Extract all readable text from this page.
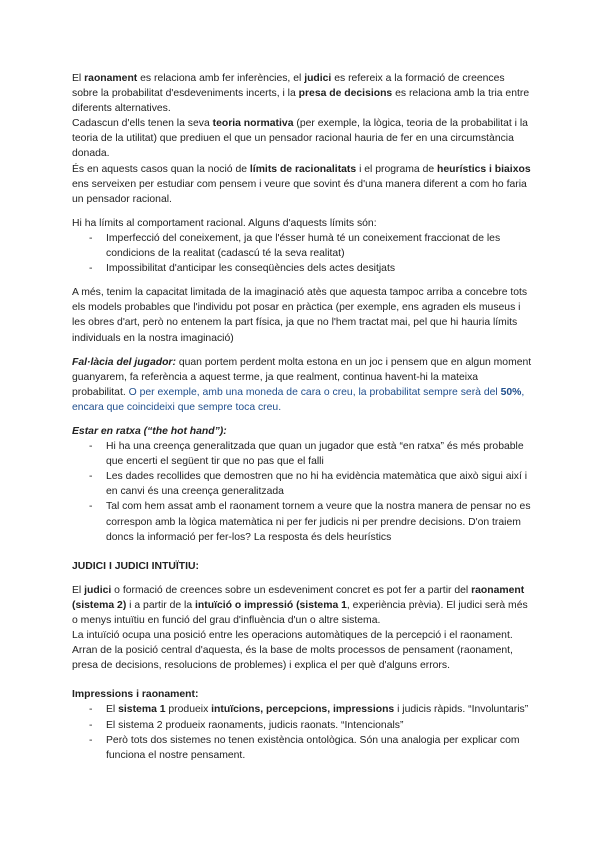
El raonament es relaciona amb fer inferències, el judici es refereix a la formació de creences sobre la probabilitat d'esdeveniments incerts, i la presa de decisions es relaciona amb la tria entre diferents alternatives.

Cadascun d'ells tenen la seva teoria normativa (per exemple, la lògica, teoria de la probabilitat i la teoria de la utilitat) que prediuen el que un pensador racional hauria de fer en una circumstància donada.

És en aquests casos quan la noció de límits de racionalitats i el programa de heurístics i biaixos ens serveixen per estudiar com pensem i veure que sovint és d'una manera diferent a com ho faria un pensador racional.

Hi ha límits al comportament racional. Alguns d'aquests límits són:

- Imperfecció del coneixement, ja que l'ésser humà té un coneixement fraccionat de les condicions de la realitat (cadascú té la seva realitat)
- Impossibilitat d'anticipar les conseqüències dels actes desitjats

A més, tenim la capacitat limitada de la imaginació atès que aquesta tampoc arriba a concebre tots els models probables que l'individu pot posar en pràctica (per exemple, ens agraden els museus i les obres d'art, però no entenem la part física, ja que no l'hem tractat mai, pel que hi hauria límits individuals en la nostra imaginació)

Fal·làcia del jugador: quan portem perdent molta estona en un joc i pensem que en algun moment guanyarem, fa referència a aquest terme, ja que realment, continua havent-hi la mateixa probabilitat. O per exemple, amb una moneda de cara o creu, la probabilitat sempre serà del 50%, encara que coincideixi que sempre toca creu.

Estar en ratxa (“the hot hand”):

- Hi ha una creença generalitzada que quan un jugador que està “en ratxa” és més probable que encerti el següent tir que no pas que el falli
- Les dades recollides que demostren que no hi ha evidència matemàtica que això sigui així i en canvi és una creença generalitzada
- Tal com hem assat amb el raonament tornem a veure que la nostra manera de pensar no es correspon amb la lògica matemàtica ni per fer judicis ni per prendre decisions. D'on traiem doncs la informació per fer-los? La resposta és dels heurístics

JUDICI I JUDICI INTUÏTIU:

El judici o formació de creences sobre un esdeveniment concret es pot fer a partir del raonament (sistema 2) i a partir de la intuïció o impressió (sistema 1, experiència prèvia). El judici serà més o menys intuïtiu en funció del grau d'influència d'un o altre sistema.

La intuïció ocupa una posició entre les operacions automàtiques de la percepció i el raonament. Arran de la posició central d'aquesta, és la base de molts processos de pensament (raonament, presa de decisions, resolucions de problemes) i explica el per què d'alguns errors.

Impressions i raonament:

- El sistema 1 produeix intuïcions, percepcions, impressions i judicis ràpids. “Involuntaris”
- El sistema 2 produeix raonaments, judicis raonats. “Intencionals”
- Però tots dos sistemes no tenen existència ontològica. Són una analogia per explicar com funciona el nostre pensament.
